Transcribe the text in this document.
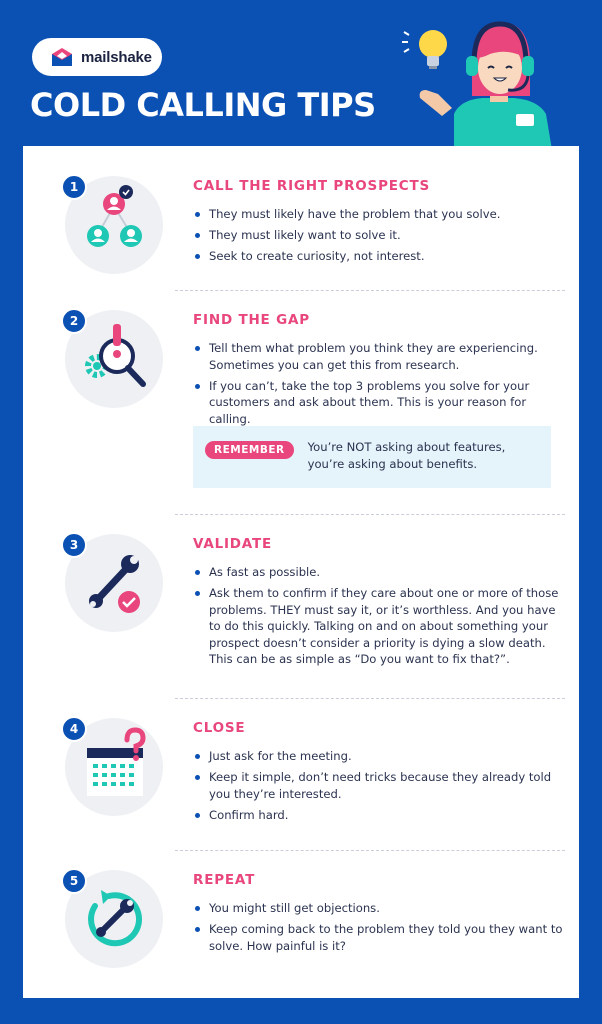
mailshake
COLD CALLING TIPS
1	CALL THE RIGHT PROSPECTS
They must likely have the problem that you solve.
They must likely want to solve it.
Seek to create curiosity, not interest.
2	FIND THE GAP
Tell them what problem you think they are experiencing. Sometimes you can get this from research.
If you can’t, take the top 3 problems you solve for your customers and ask about them. This is your reason for calling.
REMEMBER	You’re NOT asking about features, you’re asking about benefits.
3	VALIDATE
As fast as possible.
Ask them to confirm if they care about one or more of those problems. THEY must say it, or it’s worthless. And you have to do this quickly. Talking on and on about something your prospect doesn’t consider a priority is dying a slow death. This can be as simple as “Do you want to fix that?”.
4	CLOSE
Just ask for the meeting.
Keep it simple, don’t need tricks because they already told you they’re interested.
Confirm hard.
5	REPEAT
You might still get objections.
Keep coming back to the problem they told you they want to solve. How painful is it?
